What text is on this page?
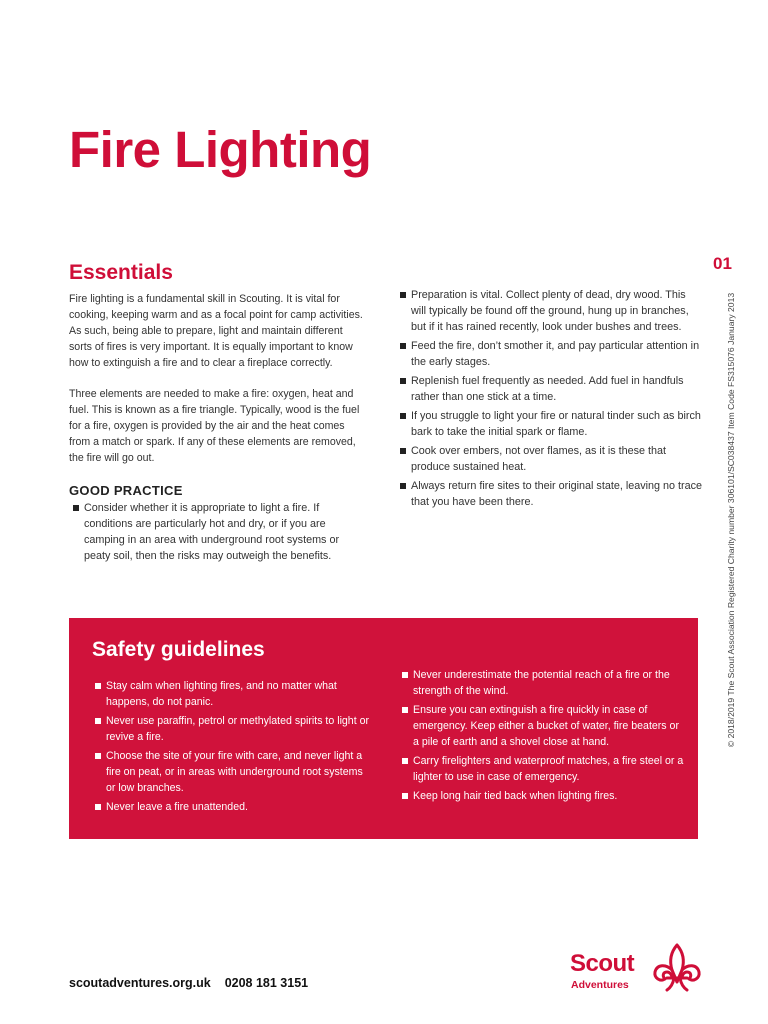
Fire Lighting
01
© 2018/2019 The Scout Association Registered Charity number 306101/SC038437 Item Code FS315076 January 2013
Essentials

Fire lighting is a fundamental skill in Scouting. It is vital for cooking, keeping warm and as a focal point for camp activities. As such, being able to prepare, light and maintain different sorts of fires is very important. It is equally important to know how to extinguish a fire and to clear a fireplace correctly.

Three elements are needed to make a fire: oxygen, heat and fuel. This is known as a fire triangle. Typically, wood is the fuel for a fire, oxygen is provided by the air and the heat comes from a match or spark. If any of these elements are removed, the fire will go out.

GOOD PRACTICE
Consider whether it is appropriate to light a fire. If conditions are particularly hot and dry, or if you are camping in an area with underground root systems or peaty soil, then the risks may outweigh the benefits.
Preparation is vital. Collect plenty of dead, dry wood. This will typically be found off the ground, hung up in branches, but if it has rained recently, look under bushes and trees.
Feed the fire, don’t smother it, and pay particular attention in the early stages.
Replenish fuel frequently as needed. Add fuel in handfuls rather than one stick at a time.
If you struggle to light your fire or natural tinder such as birch bark to take the initial spark or flame.
Cook over embers, not over flames, as it is these that produce sustained heat.
Always return fire sites to their original state, leaving no trace that you have been there.
Safety guidelines
Stay calm when lighting fires, and no matter what happens, do not panic.
Never use paraffin, petrol or methylated spirits to light or revive a fire.
Choose the site of your fire with care, and never light a fire on peat, or in areas with underground root systems or low branches.
Never leave a fire unattended.
Never underestimate the potential reach of a fire or the strength of the wind.
Ensure you can extinguish a fire quickly in case of emergency. Keep either a bucket of water, fire beaters or a pile of earth and a shovel close at hand.
Carry firelighters and waterproof matches, a fire steel or a lighter to use in case of emergency.
Keep long hair tied back when lighting fires.
scoutadventures.org.uk 0208 181 3151
Scout
Adventures
